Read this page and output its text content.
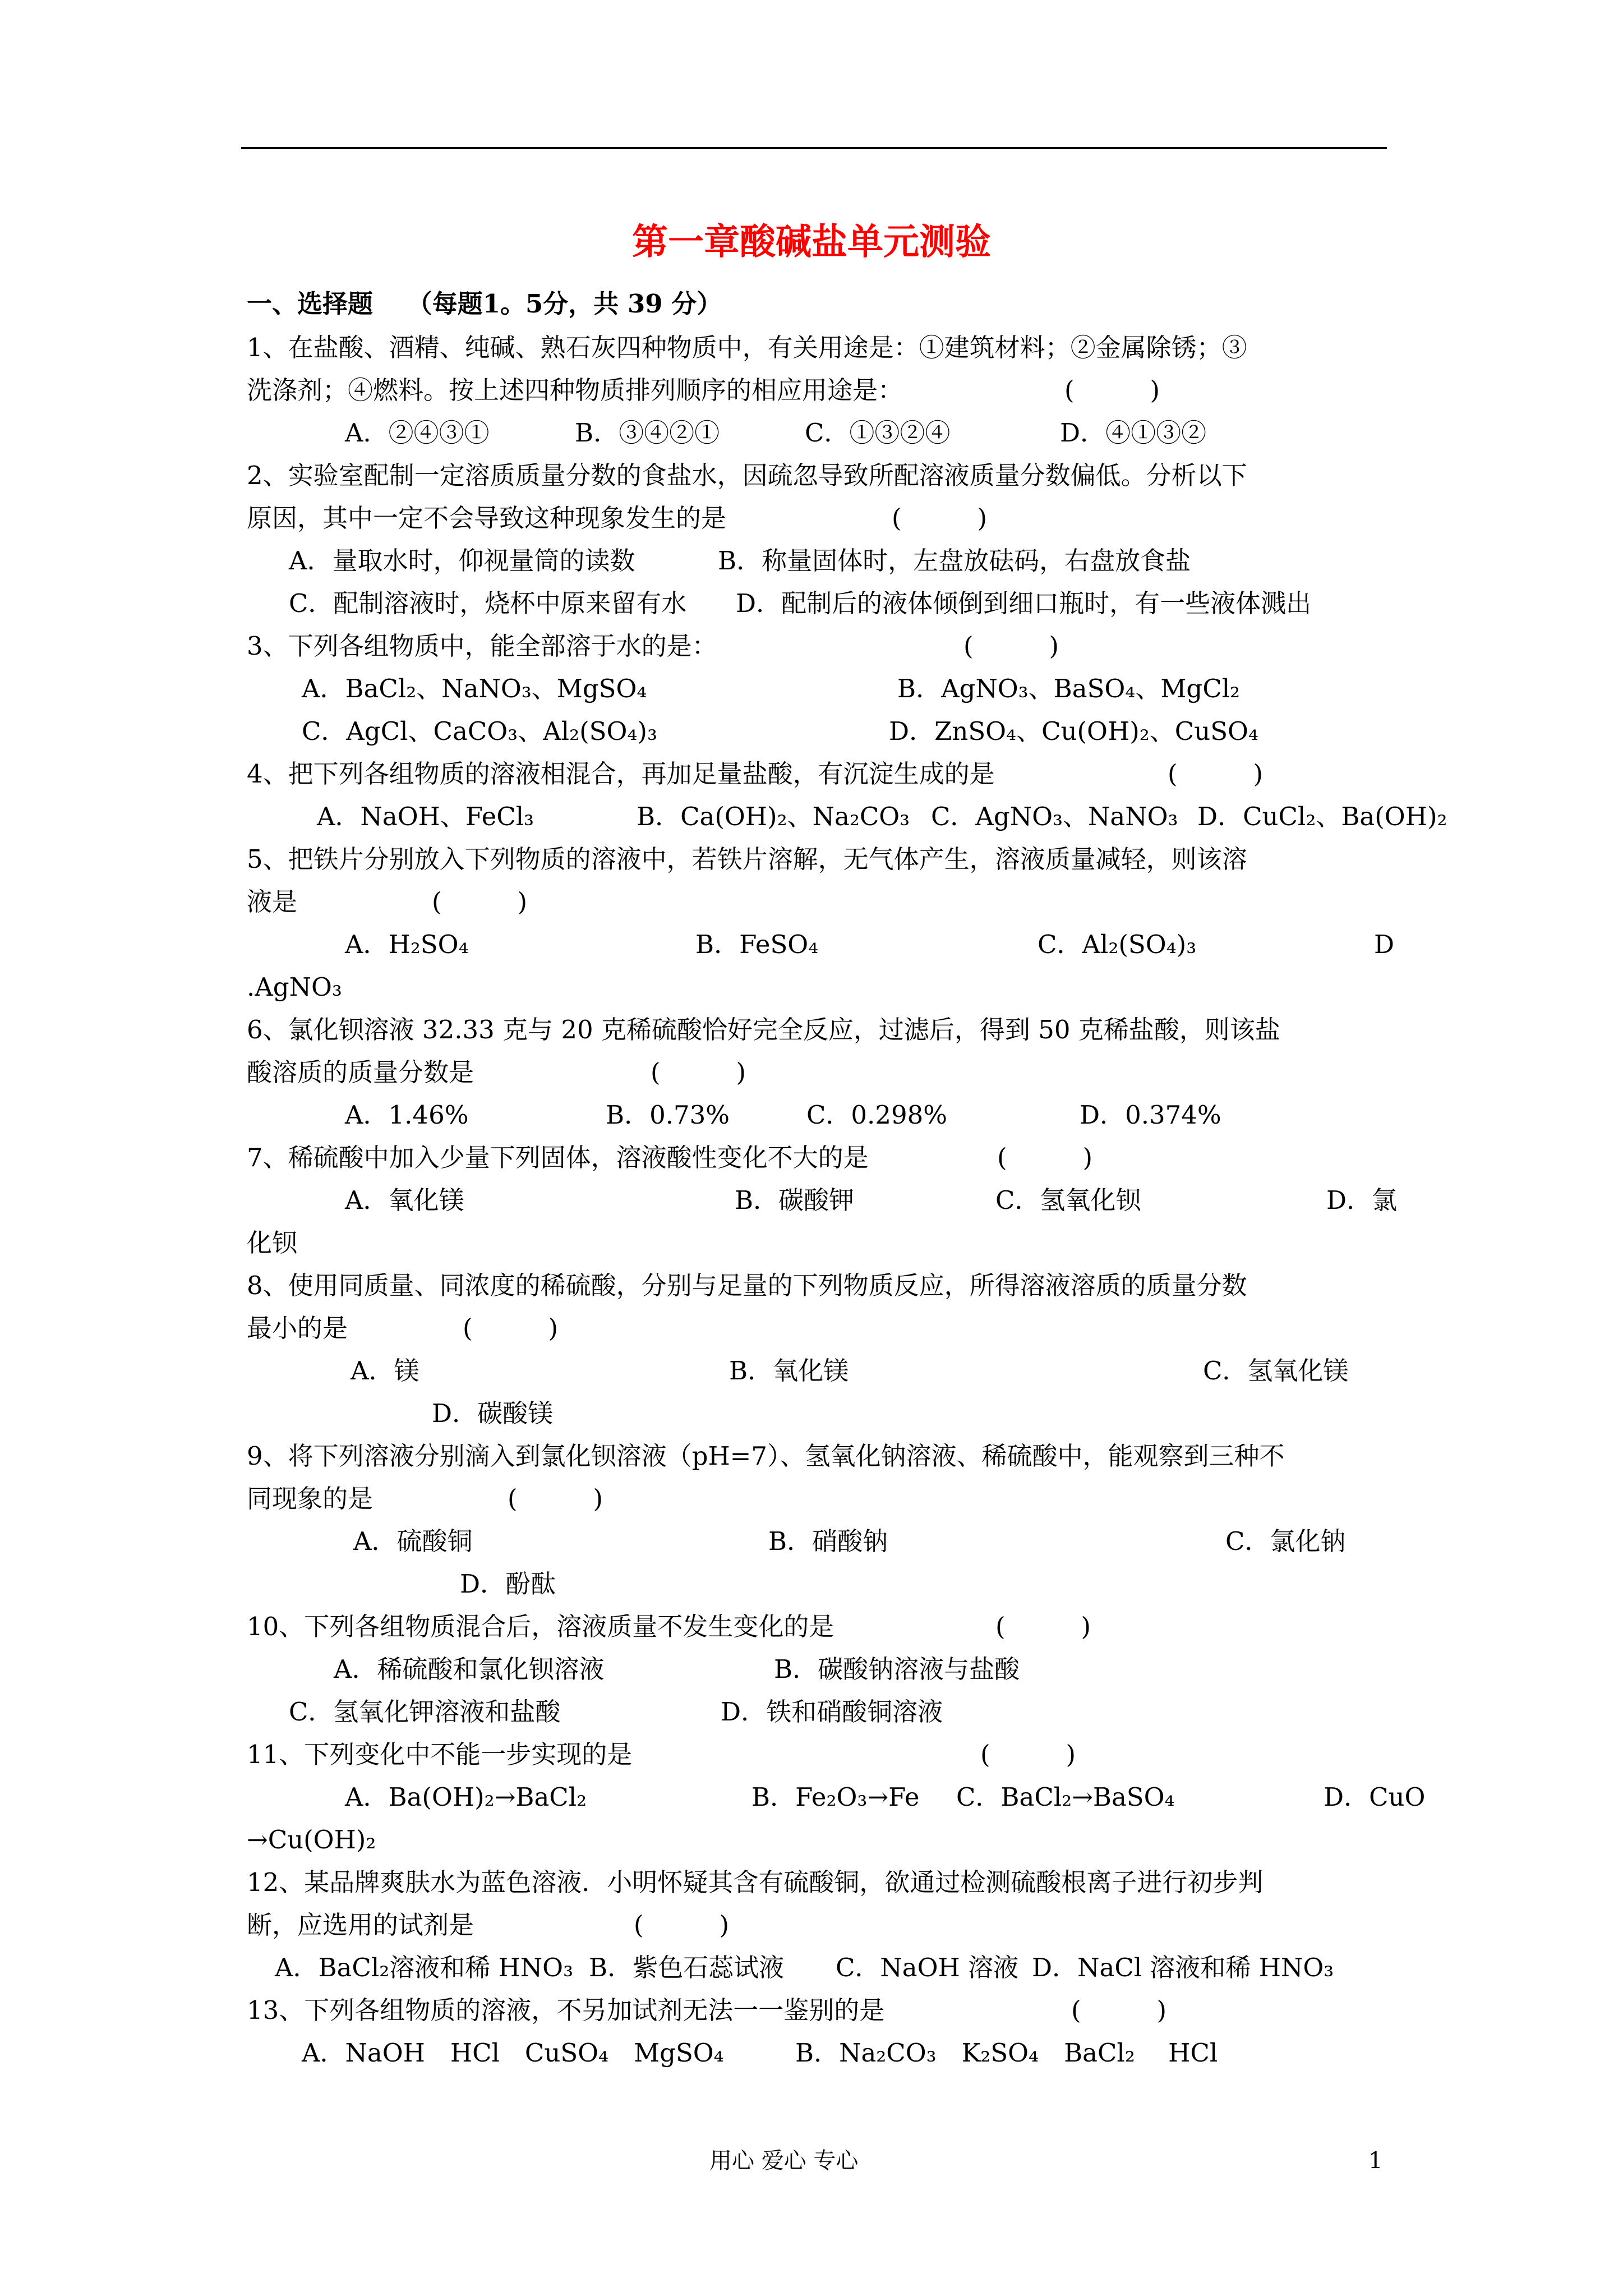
第一章酸碱盐单元测验
一、选择题　 （每题1。5分，共 39 分）
1、在盐酸、酒精、纯碱、熟石灰四种物质中，有关用途是：①建筑材料；②金属除锈；③
洗涤剂；④燃料。按上述四种物质排列顺序的相应用途是：	(　　　)
A．②④③①	B．③④②①	C．①③②④	D．④①③②
2、实验室配制一定溶质质量分数的食盐水，因疏忽导致所配溶液质量分数偏低。分析以下
原因，其中一定不会导致这种现象发生的是	(　　　)
A．量取水时，仰视量筒的读数	B．称量固体时，左盘放砝码，右盘放食盐
C．配制溶液时，烧杯中原来留有水 D．配制后的液体倾倒到细口瓶时，有一些液体溅出
3、下列各组物质中，能全部溶于水的是：	(　　　)
A．BaCl₂、NaNO₃、MgSO₄	B．AgNO₃、BaSO₄、MgCl₂
C．AgCl、CaCO₃、Al₂(SO₄)₃	D．ZnSO₄、Cu(OH)₂、CuSO₄
4、把下列各组物质的溶液相混合，再加足量盐酸，有沉淀生成的是	(　　　)
A．NaOH、FeCl₃	B．Ca(OH)₂、Na₂CO₃ C．AgNO₃、NaNO₃ D．CuCl₂、Ba(OH)₂
5、把铁片分别放入下列物质的溶液中，若铁片溶解，无气体产生，溶液质量减轻，则该溶
液是	(　　　)
A．H₂SO₄	B．FeSO₄	C．Al₂(SO₄)₃	D
.AgNO₃
6、氯化钡溶液 32.33 克与 20 克稀硫酸恰好完全反应，过滤后，得到 50 克稀盐酸，则该盐
酸溶质的质量分数是	(　　　)
A．1.46%	B．0.73%	C．0.298%	D．0.374%
7、稀硫酸中加入少量下列固体，溶液酸性变化不大的是	(　　　)
A．氧化镁	B．碳酸钾	C．氢氧化钡	D．氯
化钡
8、使用同质量、同浓度的稀硫酸，分别与足量的下列物质反应，所得溶液溶质的质量分数
最小的是	(　　　)
A．镁	B．氧化镁	C．氢氧化镁
D．碳酸镁
9、将下列溶液分别滴入到氯化钡溶液（pH=7）、氢氧化钠溶液、稀硫酸中，能观察到三种不
同现象的是	(　　　)
A．硫酸铜	B．硝酸钠	C．氯化钠
D．酚酞
10、下列各组物质混合后，溶液质量不发生变化的是	(　　　)
A．稀硫酸和氯化钡溶液	B．碳酸钠溶液与盐酸
C．氢氧化钾溶液和盐酸	D．铁和硝酸铜溶液
11、下列变化中不能一步实现的是	(　　　)
A．Ba(OH)₂→BaCl₂	B．Fe₂O₃→Fe C．BaCl₂→BaSO₄	D．CuO
→Cu(OH)₂
12、某品牌爽肤水为蓝色溶液．小明怀疑其含有硫酸铜，欲通过检测硫酸根离子进行初步判
断，应选用的试剂是	(　　　)
A．BaCl₂溶液和稀 HNO₃ B．紫色石蕊试液 C．NaOH 溶液 D．NaCl 溶液和稀 HNO₃
13、下列各组物质的溶液，不另加试剂无法一一鉴别的是	(　　　)
A．NaOH　HCl　CuSO₄　MgSO₄	B．Na₂CO₃　K₂SO₄　BaCl₂　 HCl
用心 爱心 专心	1
